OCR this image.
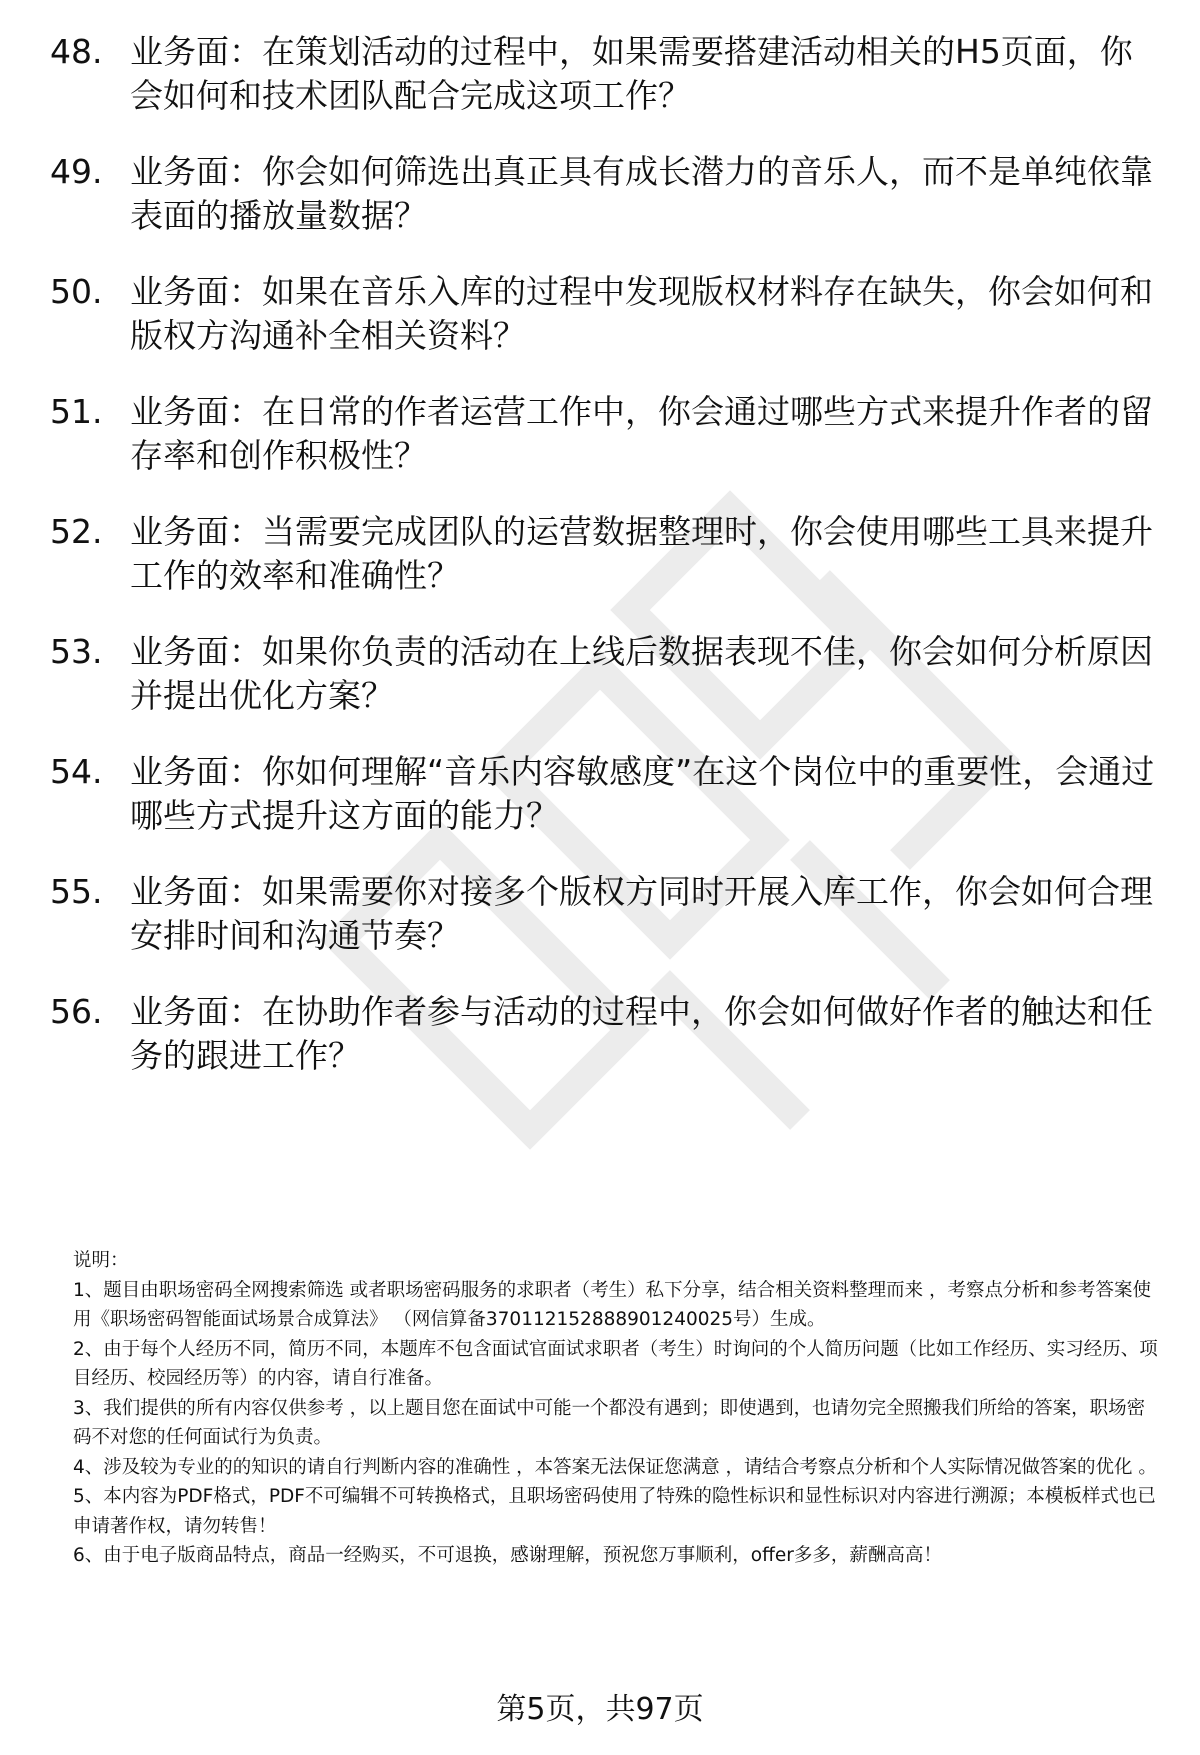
48. 业务面：在策划活动的过程中，如果需要搭建活动相关的H5页面，你会如何和技术团队配合完成这项工作？
49. 业务面：你会如何筛选出真正具有成长潜力的音乐人，而不是单纯依靠表面的播放量数据？
50. 业务面：如果在音乐入库的过程中发现版权材料存在缺失，你会如何和版权方沟通补全相关资料？
51. 业务面：在日常的作者运营工作中，你会通过哪些方式来提升作者的留存率和创作积极性？
52. 业务面：当需要完成团队的运营数据整理时，你会使用哪些工具来提升工作的效率和准确性？
53. 业务面：如果你负责的活动在上线后数据表现不佳，你会如何分析原因并提出优化方案？
54. 业务面：你如何理解“音乐内容敏感度”在这个岗位中的重要性，会通过哪些方式提升这方面的能力？
55. 业务面：如果需要你对接多个版权方同时开展入库工作，你会如何合理安排时间和沟通节奏？
56. 业务面：在协助作者参与活动的过程中，你会如何做好作者的触达和任务的跟进工作？

说明：

1、题目由职场密码全网搜索筛选 或者职场密码服务的求职者（考生）私下分享，结合相关资料整理而来 ，考察点分析和参考答案使用《职场密码智能面试场景合成算法》 （网信算备370112152888901240025号）生成。

2、由于每个人经历不同，简历不同，本题库不包含面试官面试求职者（考生）时询问的个人简历问题（比如工作经历、实习经历、项目经历、校园经历等）的内容，请自行准备。

3、我们提供的所有内容仅供参考 ，以上题目您在面试中可能一个都没有遇到；即使遇到，也请勿完全照搬我们所给的答案，职场密码不对您的任何面试行为负责。

4、涉及较为专业的的知识的请自行判断内容的准确性 ，本答案无法保证您满意 ，请结合考察点分析和个人实际情况做答案的优化 。

5、本内容为PDF格式，PDF不可编辑不可转换格式，且职场密码使用了特殊的隐性标识和显性标识对内容进行溯源；本模板样式也已申请著作权，请勿转售！

6、由于电子版商品特点，商品一经购买，不可退换，感谢理解，预祝您万事顺利，offer多多，薪酬高高！

第5页，共97页
